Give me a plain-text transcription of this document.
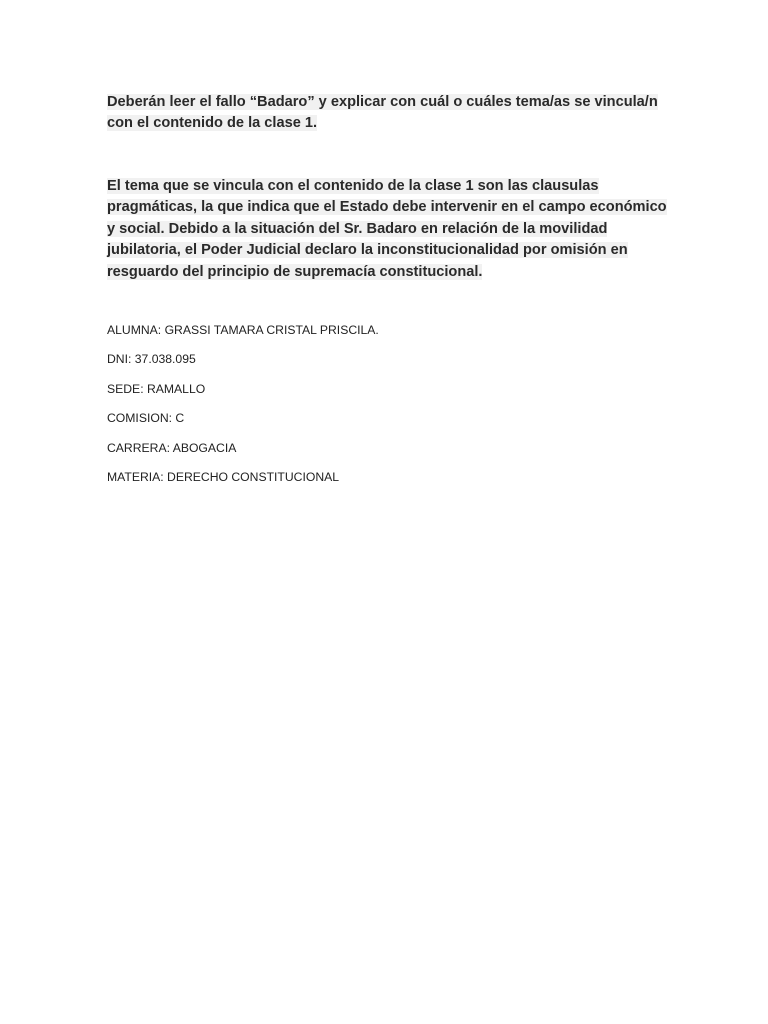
Deberán leer el fallo “Badaro” y explicar con cuál o cuáles tema/as se vincula/n con el contenido de la clase 1.
El tema que se vincula con el contenido de la clase 1 son las clausulas pragmáticas, la que indica que el Estado debe intervenir en el campo económico y social. Debido a la situación del Sr. Badaro en relación de la movilidad jubilatoria, el Poder Judicial declaro la inconstitucionalidad por omisión en resguardo del principio de supremacía constitucional.
ALUMNA: GRASSI TAMARA CRISTAL PRISCILA.
DNI: 37.038.095
SEDE: RAMALLO
COMISION: C
CARRERA: ABOGACIA
MATERIA: DERECHO CONSTITUCIONAL
